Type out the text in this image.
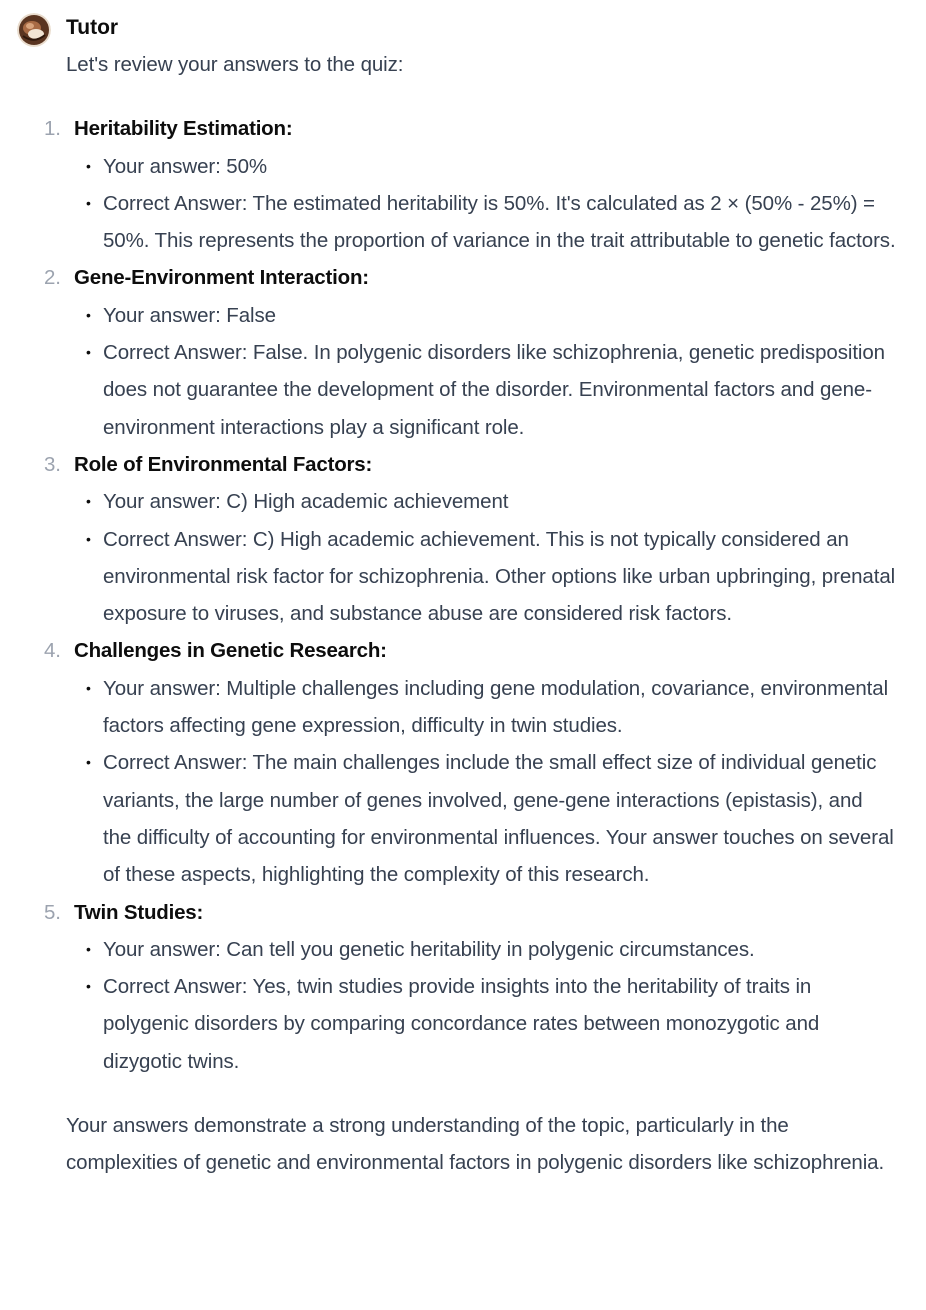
Tutor

Let's review your answers to the quiz:

1. Heritability Estimation:
• Your answer: 50%
• Correct Answer: The estimated heritability is 50%. It's calculated as 2 × (50% - 25%) = 50%. This represents the proportion of variance in the trait attributable to genetic factors.
2. Gene-Environment Interaction:
• Your answer: False
• Correct Answer: False. In polygenic disorders like schizophrenia, genetic predisposition does not guarantee the development of the disorder. Environmental factors and gene-environment interactions play a significant role.
3. Role of Environmental Factors:
• Your answer: C) High academic achievement
• Correct Answer: C) High academic achievement. This is not typically considered an environmental risk factor for schizophrenia. Other options like urban upbringing, prenatal exposure to viruses, and substance abuse are considered risk factors.
4. Challenges in Genetic Research:
• Your answer: Multiple challenges including gene modulation, covariance, environmental factors affecting gene expression, difficulty in twin studies.
• Correct Answer: The main challenges include the small effect size of individual genetic variants, the large number of genes involved, gene-gene interactions (epistasis), and the difficulty of accounting for environmental influences. Your answer touches on several of these aspects, highlighting the complexity of this research.
5. Twin Studies:
• Your answer: Can tell you genetic heritability in polygenic circumstances.
• Correct Answer: Yes, twin studies provide insights into the heritability of traits in polygenic disorders by comparing concordance rates between monozygotic and dizygotic twins.

Your answers demonstrate a strong understanding of the topic, particularly in the complexities of genetic and environmental factors in polygenic disorders like schizophrenia.
